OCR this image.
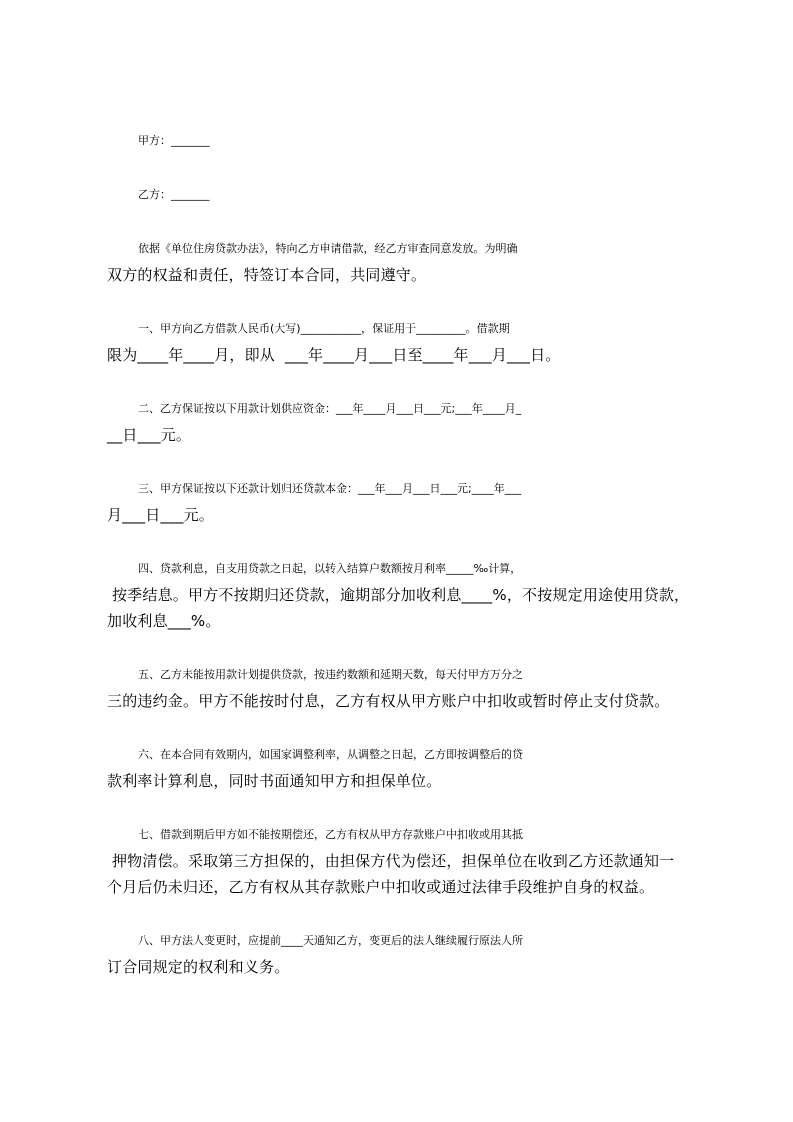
甲方：_______
乙方：_______
依据《单位住房贷款办法》，特向乙方申请借款，经乙方审查同意发放。为明确
双方的权益和责任，特签订本合同，共同遵守。
一、甲方向乙方借款人民币(大写)___________，保证用于_________。借款期
限为____年____月，即从  ___年____月___日至____年___月___日。
二、乙方保证按以下用款计划供应资金：___年____月___日___元;___年____月_
__日___元。
三、甲方保证按以下还款计划归还贷款本金：___年___月___日___元;____年___
月___日___元。
四、贷款利息，自支用贷款之日起，以转入结算户数额按月利率_____‰计算，
按季结息。甲方不按期归还贷款，逾期部分加收利息____%，不按规定用途使用贷款，
加收利息___%。
五、乙方未能按用款计划提供贷款，按违约数额和延期天数，每天付甲方万分之
三的违约金。甲方不能按时付息，乙方有权从甲方账户中扣收或暂时停止支付贷款。
六、在本合同有效期内，如国家调整利率，从调整之日起，乙方即按调整后的贷
款利率计算利息，同时书面通知甲方和担保单位。
七、借款到期后甲方如不能按期偿还，乙方有权从甲方存款账户中扣收或用其抵
押物清偿。采取第三方担保的，由担保方代为偿还，担保单位在收到乙方还款通知一
个月后仍未归还，乙方有权从其存款账户中扣收或通过法律手段维护自身的权益。
八、甲方法人变更时，应提前____天通知乙方，变更后的法人继续履行原法人所
订合同规定的权利和义务。
